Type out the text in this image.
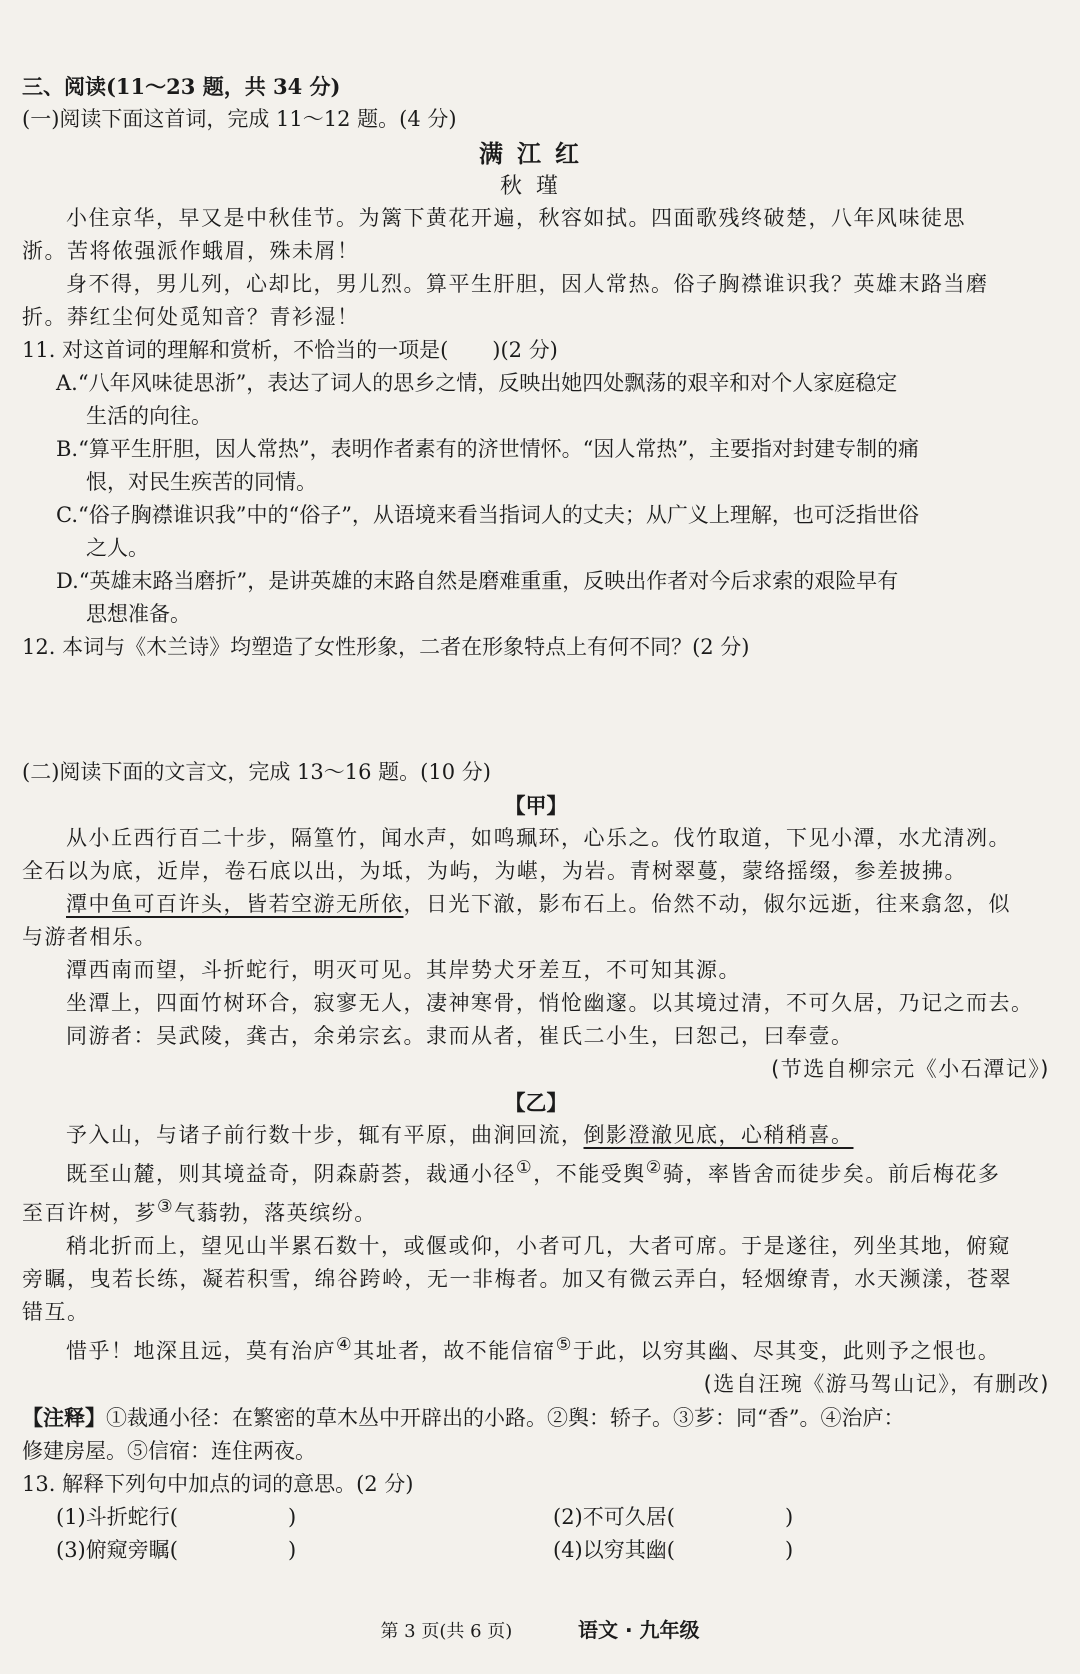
三、阅读(11～23 题，共 34 分)
(一)阅读下面这首词，完成 11～12 题。(4 分)
满江红
秋瑾
小住京华，早又是中秋佳节。为篱下黄花开遍，秋容如拭。四面歌残终破楚，八年风味徒思
浙。苦将侬强派作蛾眉，殊未屑！
身不得，男儿列，心却比，男儿烈。算平生肝胆，因人常热。俗子胸襟谁识我？英雄末路当磨
折。莽红尘何处觅知音？青衫湿！
11. 对这首词的理解和赏析，不恰当的一项是( )(2 分)
A.“八年风味徒思浙”，表达了词人的思乡之情，反映出她四处飘荡的艰辛和对个人家庭稳定
生活的向往。
B.“算平生肝胆，因人常热”，表明作者素有的济世情怀。“因人常热”，主要指对封建专制的痛
恨，对民生疾苦的同情。
C.“俗子胸襟谁识我”中的“俗子”，从语境来看当指词人的丈夫；从广义上理解，也可泛指世俗
之人。
D.“英雄末路当磨折”，是讲英雄的末路自然是磨难重重，反映出作者对今后求索的艰险早有
思想准备。
12. 本词与《木兰诗》均塑造了女性形象，二者在形象特点上有何不同？(2 分)
(二)阅读下面的文言文，完成 13～16 题。(10 分)
【甲】
从小丘西行百二十步，隔篁竹，闻水声，如鸣珮环，心乐之。伐竹取道，下见小潭，水尤清冽。
全石以为底，近岸，卷石底以出，为坻，为屿，为嵁，为岩。青树翠蔓，蒙络摇缀，参差披拂。
潭中鱼可百许头，皆若空游无所依，日光下澈，影布石上。佁然不动，俶尔远逝，往来翕忽，似
与游者相乐。
潭西南而望，斗折蛇行，明灭可见。其岸势犬牙差互，不可知其源。
坐潭上，四面竹树环合，寂寥无人，凄神寒骨，悄怆幽邃。以其境过清，不可久居，乃记之而去。
同游者：吴武陵，龚古，余弟宗玄。隶而从者，崔氏二小生，曰恕己，曰奉壹。
(节选自柳宗元《小石潭记》)
【乙】
予入山，与诸子前行数十步，辄有平原，曲涧回流，倒影澄澈见底，心稍稍喜。
既至山麓，则其境益奇，阴森蔚荟，裁通小径①，不能受舆②骑，率皆舍而徒步矣。前后梅花多
至百许树，芗③气蓊勃，落英缤纷。
稍北折而上，望见山半累石数十，或偃或仰，小者可几，大者可席。于是遂往，列坐其地，俯窥
旁瞩，曳若长练，凝若积雪，绵谷跨岭，无一非梅者。加又有微云弄白，轻烟缭青，水天濒漾，苍翠
错互。
惜乎！地深且远，莫有治庐④其址者，故不能信宿⑤于此，以穷其幽、尽其变，此则予之恨也。
(选自汪琬《游马驾山记》，有删改)
【注释】①裁通小径：在繁密的草木丛中开辟出的小路。②舆：轿子。③芗：同“香”。④治庐：
修建房屋。⑤信宿：连住两夜。
13. 解释下列句中加点的词的意思。(2 分)
(1)斗折蛇行(	)	(2)不可久居(	)
(3)俯窥旁瞩(	)	(4)以穷其幽(	)
第 3 页(共 6 页)	语文 · 九年级
